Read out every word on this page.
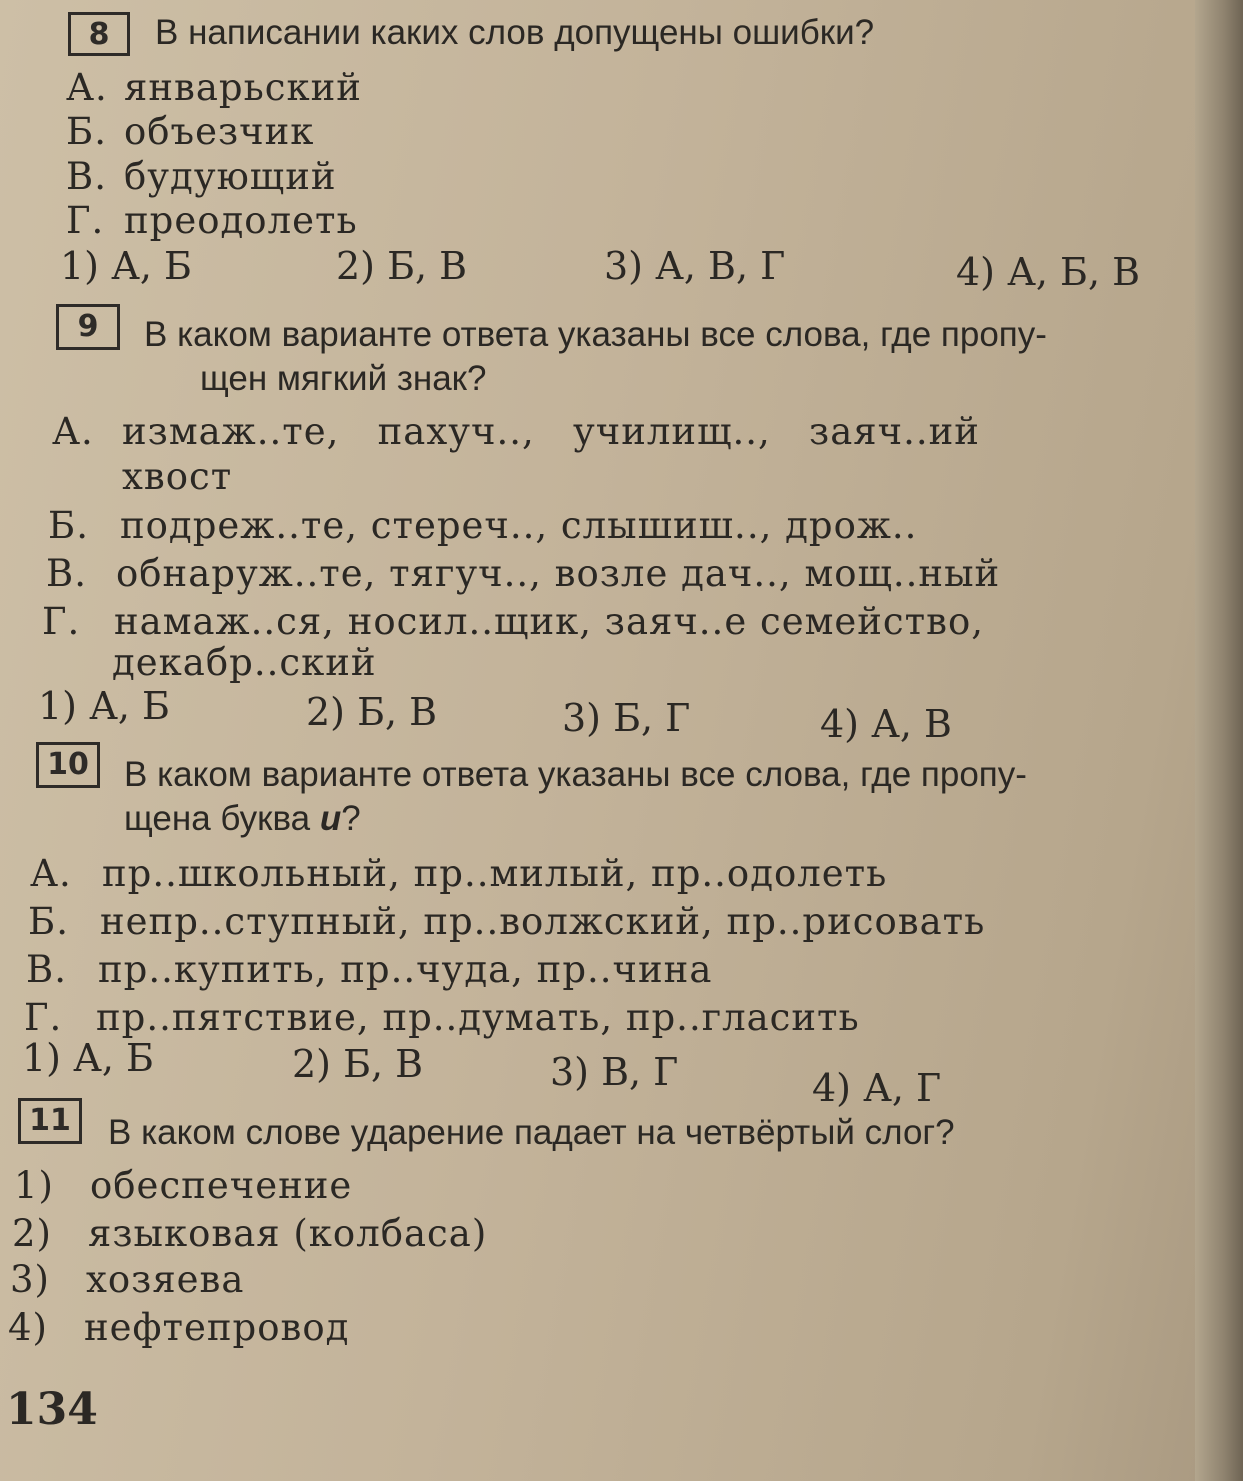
8	В написании каких слов допущены ошибки?
А. январьский
Б. объезчик
В. будующий
Г. преодолеть
1) А, Б	2) Б, В	3) А, В, Г	4) А, Б, В
9	В каком варианте ответа указаны все слова, где пропу-
щен мягкий знак?
А. измаж..те,   пахуч..,   училищ..,   заяч..ий
хвост
Б. подреж..те, стереч.., слышиш.., дрож..
В. обнаруж..те, тягуч.., возле дач.., мощ..ный
Г. намаж..ся, носил..щик, заяч..е семейство,
декабр..ский
1) А, Б	2) Б, В	3) Б, Г	4) А, В
10	В каком варианте ответа указаны все слова, где пропу-
щена буква и?
А. пр..школьный, пр..милый, пр..одолеть
Б. непр..ступный, пр..волжский, пр..рисовать
В. пр..купить, пр..чуда, пр..чина
Г. пр..пятствие, пр..думать, пр..гласить
1) А, Б	2) Б, В	3) В, Г	4) А, Г
11	В каком слове ударение падает на четвёртый слог?
1) обеспечение
2) языковая (колбаса)
3) хозяева
4) нефтепровод
134
